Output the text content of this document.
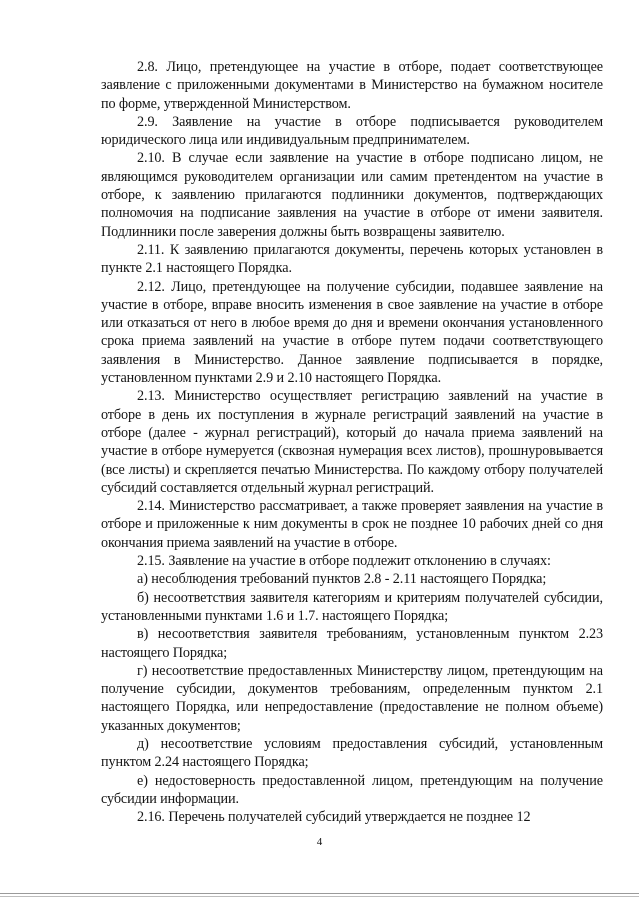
2.8. Лицо, претендующее на участие в отборе, подает соответствующее заявление с приложенными документами в Министерство на бумажном носителе по форме, утвержденной Министерством.

2.9. Заявление на участие в отборе подписывается руководителем юридического лица или индивидуальным предпринимателем.

2.10. В случае если заявление на участие в отборе подписано лицом, не являющимся руководителем организации или самим претендентом на участие в отборе, к заявлению прилагаются подлинники документов, подтверждающих полномочия на подписание заявления на участие в отборе от имени заявителя. Подлинники после заверения должны быть возвращены заявителю.

2.11. К заявлению прилагаются документы, перечень которых установлен в пункте 2.1 настоящего Порядка.

2.12. Лицо, претендующее на получение субсидии, подавшее заявление на участие в отборе, вправе вносить изменения в свое заявление на участие в отборе или отказаться от него в любое время до дня и времени окончания установленного срока приема заявлений на участие в отборе путем подачи соответствующего заявления в Министерство. Данное заявление подписывается в порядке, установленном пунктами 2.9 и 2.10 настоящего Порядка.

2.13. Министерство осуществляет регистрацию заявлений на участие в отборе в день их поступления в журнале регистраций заявлений на участие в отборе (далее - журнал регистраций), который до начала приема заявлений на участие в отборе нумеруется (сквозная нумерация всех листов), прошнуровывается (все листы) и скрепляется печатью Министерства. По каждому отбору получателей субсидий составляется отдельный журнал регистраций.

2.14. Министерство рассматривает, а также проверяет заявления на участие в отборе и приложенные к ним документы в срок не позднее 10 рабочих дней со дня окончания приема заявлений на участие в отборе.

2.15. Заявление на участие в отборе подлежит отклонению в случаях:

а) несоблюдения требований пунктов 2.8 - 2.11 настоящего Порядка;

б) несоответствия заявителя категориям и критериям получателей субсидии, установленными пунктами 1.6 и 1.7. настоящего Порядка;

в) несоответствия заявителя требованиям, установленным пунктом 2.23 настоящего Порядка;

г) несоответствие предоставленных Министерству лицом, претендующим на получение субсидии, документов требованиям, определенным пунктом 2.1 настоящего Порядка, или непредоставление (предоставление не полном объеме) указанных документов;

д) несоответствие условиям предоставления субсидий, установленным пунктом 2.24 настоящего Порядка;

е) недостоверность предоставленной лицом, претендующим на получение субсидии информации.

2.16. Перечень получателей субсидий утверждается не позднее 12

4
